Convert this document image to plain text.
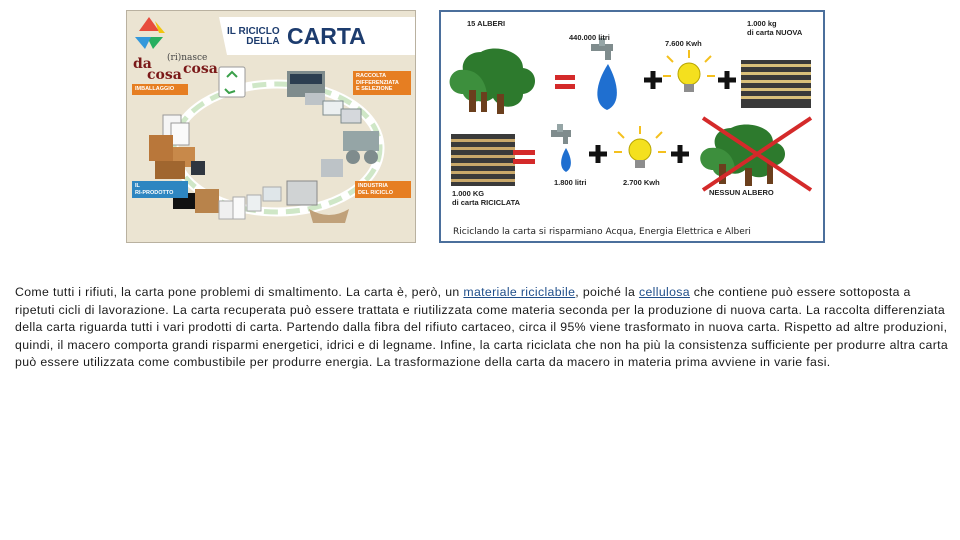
IL RICICLO
DELLA CARTA
da (ri)nasce
cosa cosa
IMBALLAGGIO
RACCOLTA
DIFFERENZIATA
E SELEZIONE
IL
RI-PRODOTTO
INDUSTRIA
DEL RICICLO
15 ALBERI
440.000 litri
7.600 Kwh
1.000 kg
di carta NUOVA
1.000 KG
di carta RICICLATA
1.800 litri	2.700 Kwh
NESSUN ALBERO
Riciclando la carta si risparmiano Acqua, Energia Elettrica e Alberi

Come tutti i rifiuti, la carta pone problemi di smaltimento. La carta è, però, un materiale riciclabile, poiché la cellulosa che contiene può essere sottoposta a ripetuti cicli di lavorazione. La carta recuperata può essere trattata e riutilizzata come materia seconda per la produzione di nuova carta. La raccolta differenziata della carta riguarda tutti i vari prodotti di carta. Partendo dalla fibra del rifiuto cartaceo, circa il 95% viene trasformato in nuova carta. Rispetto ad altre produzioni, quindi, il macero comporta grandi risparmi energetici, idrici e di legname. Infine, la carta riciclata che non ha più la consistenza sufficiente per produrre altra carta può essere utilizzata come combustibile per produrre energia. La trasformazione della carta da macero in materia prima avviene in varie fasi.
